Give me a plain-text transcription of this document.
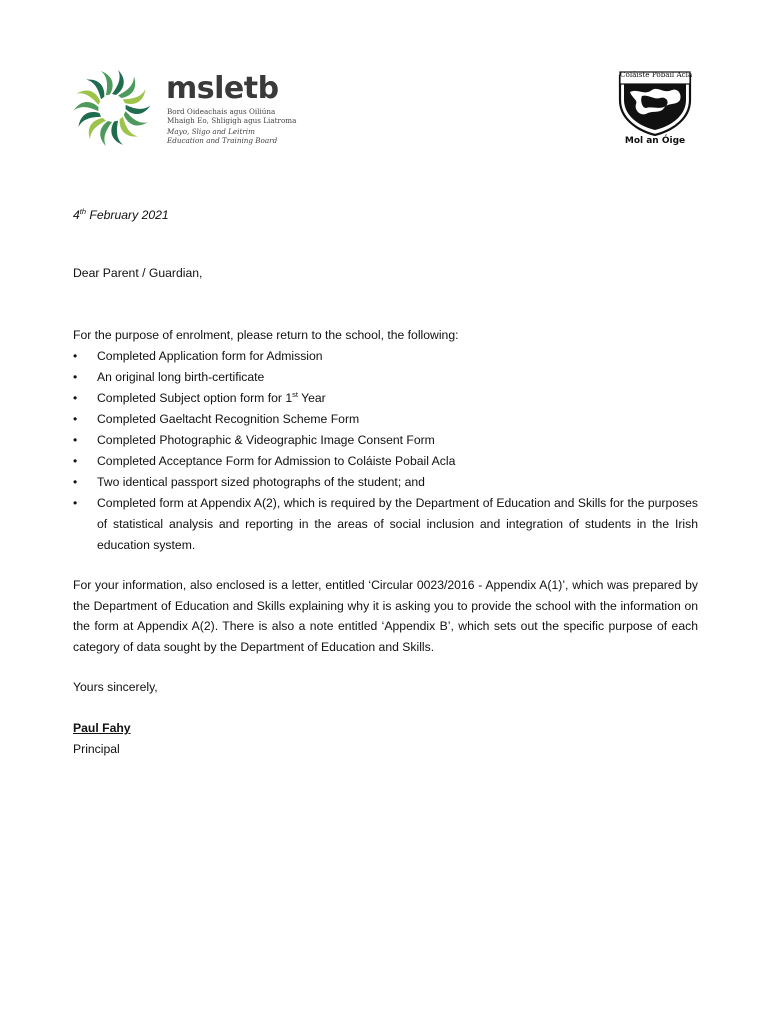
msletb
Bord Oideachais agus Oiliúna
Mhaigh Eo, Shligigh agus Liatroma
Mayo, Sligo and Leitrim
Education and Training Board
Coláiste Pobail Acla
Mol an Óige
4th February 2021
Dear Parent / Guardian,
For the purpose of enrolment, please return to the school, the following:
• Completed Application form for Admission
• An original long birth-certificate
• Completed Subject option form for 1st Year
• Completed Gaeltacht Recognition Scheme Form
• Completed Photographic & Videographic Image Consent Form
• Completed Acceptance Form for Admission to Coláiste Pobail Acla
• Two identical passport sized photographs of the student; and
• Completed form at Appendix A(2), which is required by the Department of Education and Skills for the purposes of statistical analysis and reporting in the areas of social inclusion and integration of students in the Irish education system.

For your information, also enclosed is a letter, entitled ‘Circular 0023/2016 - Appendix A(1)’, which was prepared by the Department of Education and Skills explaining why it is asking you to provide the school with the information on the form at Appendix A(2). There is also a note entitled ‘Appendix B’, which sets out the specific purpose of each category of data sought by the Department of Education and Skills.

Yours sincerely,
Paul Fahy
Principal
